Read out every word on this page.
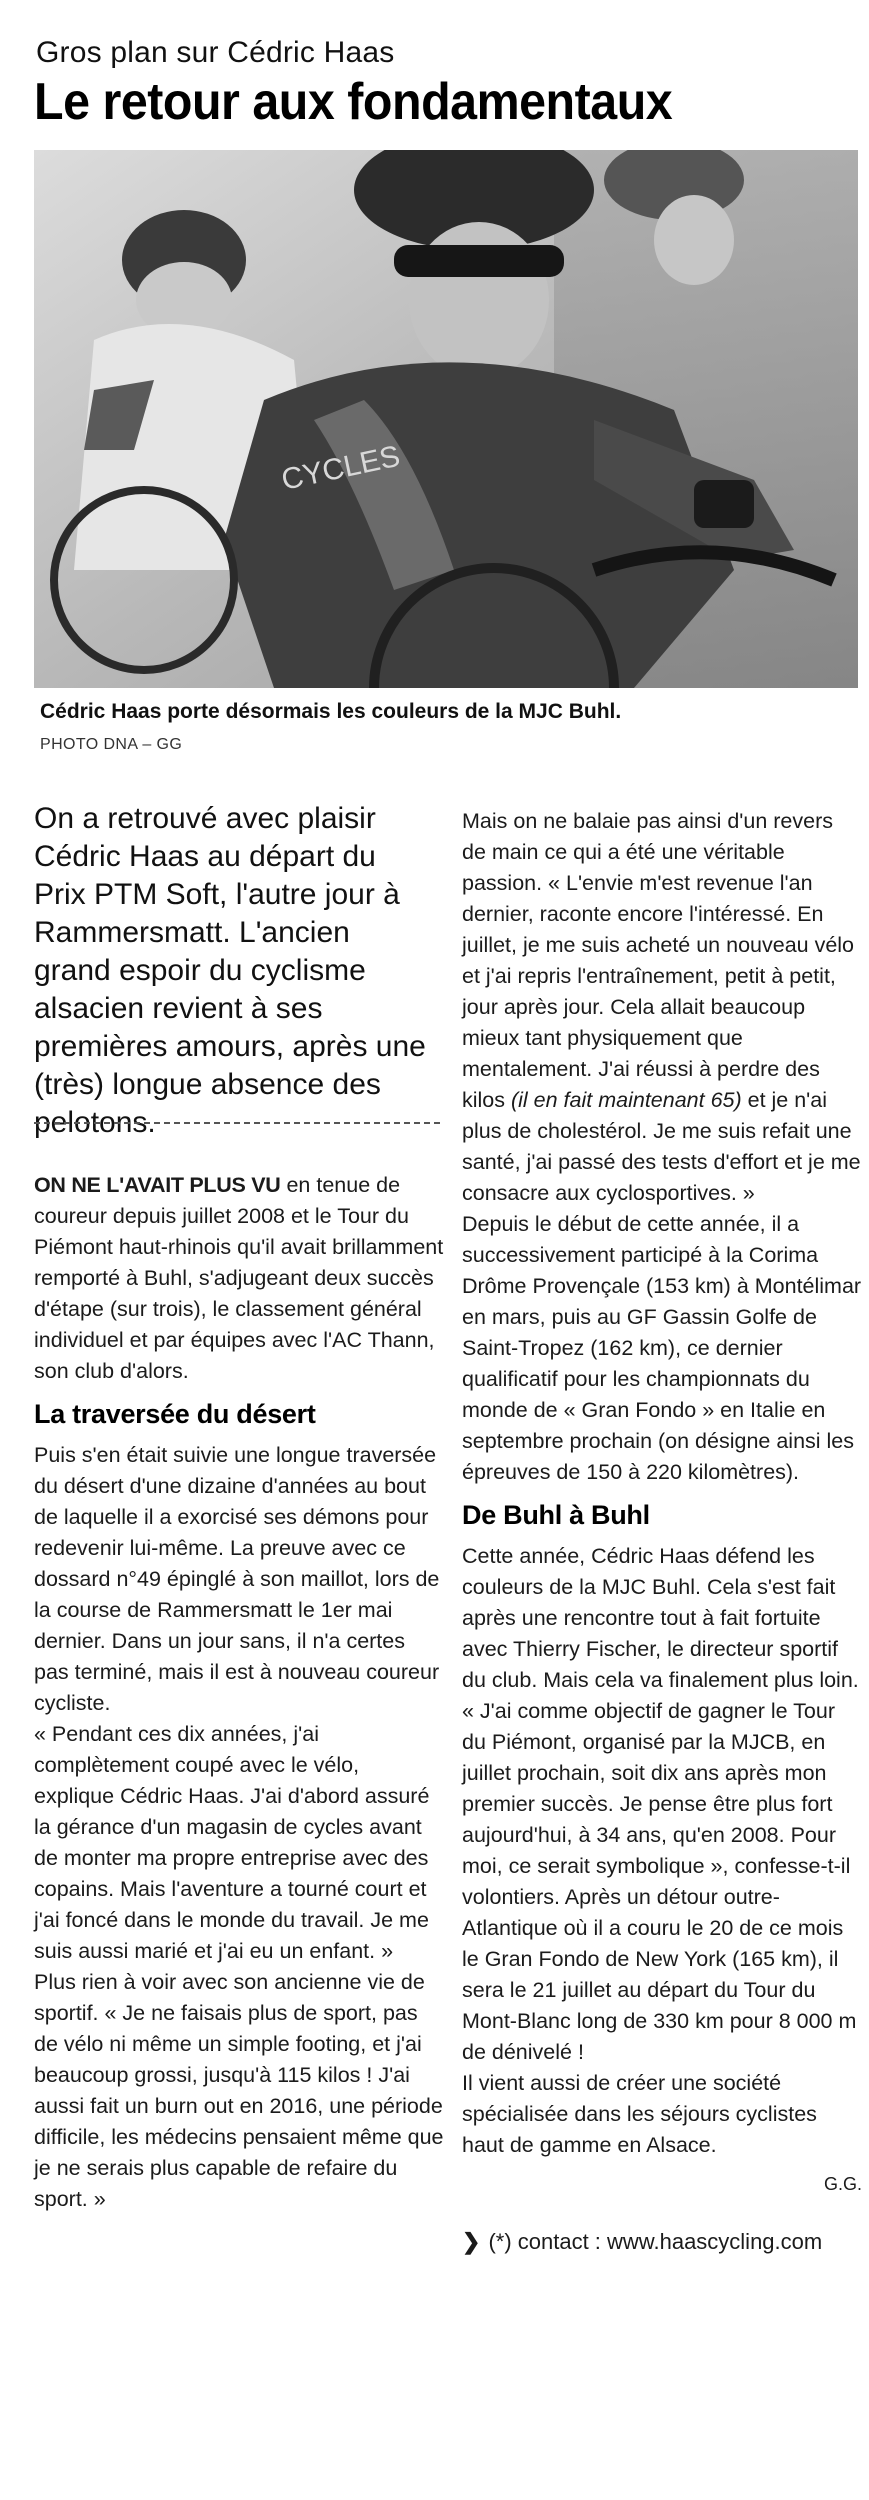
Gros plan sur Cédric Haas
Le retour aux fondamentaux
CYCLES
Cédric Haas porte désormais les couleurs de la MJC Buhl.
PHOTO DNA – GG
On a retrouvé avec plaisir Cédric Haas au départ du Prix PTM Soft, l'autre jour à Rammersmatt. L'ancien grand espoir du cyclisme alsacien revient à ses premières amours, après une (très) longue absence des pelotons.

ON NE L'AVAIT PLUS VU en tenue de coureur depuis juillet 2008 et le Tour du Piémont haut-rhinois qu'il avait brillamment remporté à Buhl, s'adjugeant deux succès d'étape (sur trois), le classement général individuel et par équipes avec l'AC Thann, son club d'alors.

La traversée du désert

Puis s'en était suivie une longue traversée du désert d'une dizaine d'années au bout de laquelle il a exorcisé ses démons pour redevenir lui-même. La preuve avec ce dossard n°49 épinglé à son maillot, lors de la course de Rammersmatt le 1er mai dernier. Dans un jour sans, il n'a certes pas terminé, mais il est à nouveau coureur cycliste.

« Pendant ces dix années, j'ai complètement coupé avec le vélo, explique Cédric Haas. J'ai d'abord assuré la gérance d'un magasin de cycles avant de monter ma propre entreprise avec des copains. Mais l'aventure a tourné court et j'ai foncé dans le monde du travail. Je me suis aussi marié et j'ai eu un enfant. »

Plus rien à voir avec son ancienne vie de sportif. « Je ne faisais plus de sport, pas de vélo ni même un simple footing, et j'ai beaucoup grossi, jusqu'à 115 kilos ! J'ai aussi fait un burn out en 2016, une période difficile, les médecins pensaient même que je ne serais plus capable de refaire du sport. »

Mais on ne balaie pas ainsi d'un revers de main ce qui a été une véritable passion. « L'envie m'est revenue l'an dernier, raconte encore l'intéressé. En juillet, je me suis acheté un nouveau vélo et j'ai repris l'entraînement, petit à petit, jour après jour. Cela allait beaucoup mieux tant physiquement que mentalement. J'ai réussi à perdre des kilos (il en fait maintenant 65) et je n'ai plus de cholestérol. Je me suis refait une santé, j'ai passé des tests d'effort et je me consacre aux cyclosportives. »

Depuis le début de cette année, il a successivement participé à la Corima Drôme Provençale (153 km) à Montélimar en mars, puis au GF Gassin Golfe de Saint-Tropez (162 km), ce dernier qualificatif pour les championnats du monde de « Gran Fondo » en Italie en septembre prochain (on désigne ainsi les épreuves de 150 à 220 kilomètres).

De Buhl à Buhl

Cette année, Cédric Haas défend les couleurs de la MJC Buhl. Cela s'est fait après une rencontre tout à fait fortuite avec Thierry Fischer, le directeur sportif du club. Mais cela va finalement plus loin. « J'ai comme objectif de gagner le Tour du Piémont, organisé par la MJCB, en juillet prochain, soit dix ans après mon premier succès. Je pense être plus fort aujourd'hui, à 34 ans, qu'en 2008. Pour moi, ce serait symbolique », confesse-t-il volontiers. Après un détour outre-Atlantique où il a couru le 20 de ce mois le Gran Fondo de New York (165 km), il sera le 21 juillet au départ du Tour du Mont-Blanc long de 330 km pour 8 000 m de dénivelé !

Il vient aussi de créer une société spécialisée dans les séjours cyclistes haut de gamme en Alsace.

G.G.
❯ (*) contact : www.haascycling.com
